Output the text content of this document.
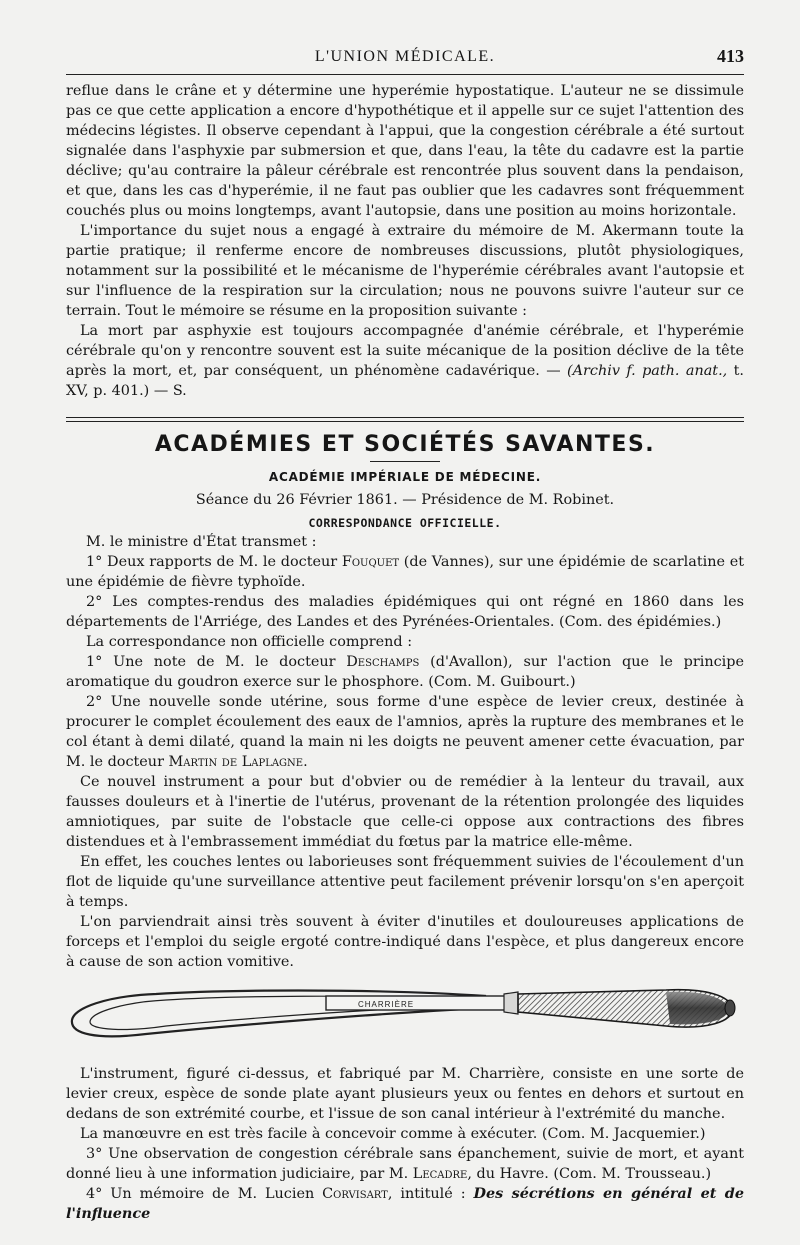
L'UNION MÉDICALE.	413

reflue dans le crâne et y détermine une hyperémie hypostatique. L'auteur ne se dissimule pas ce que cette application a encore d'hypothétique et il appelle sur ce sujet l'attention des médecins légistes. Il observe cependant à l'appui, que la congestion cérébrale a été surtout signalée dans l'asphyxie par submersion et que, dans l'eau, la tête du cadavre est la partie déclive; qu'au contraire la pâleur cérébrale est rencontrée plus souvent dans la pendaison, et que, dans les cas d'hyperémie, il ne faut pas oublier que les cadavres sont fréquemment couchés plus ou moins longtemps, avant l'autopsie, dans une position au moins horizontale.

L'importance du sujet nous a engagé à extraire du mémoire de M. Akermann toute la partie pratique; il renferme encore de nombreuses discussions, plutôt physiologiques, notamment sur la possibilité et le mécanisme de l'hyperémie cérébrales avant l'autopsie et sur l'influence de la respiration sur la circulation; nous ne pouvons suivre l'auteur sur ce terrain. Tout le mémoire se résume en la proposition suivante :

La mort par asphyxie est toujours accompagnée d'anémie cérébrale, et l'hyperémie cérébrale qu'on y rencontre souvent est la suite mécanique de la position déclive de la tête après la mort, et, par conséquent, un phénomène cadavérique. — (Archiv f. path. anat., t. XV, p. 401.) — S.

ACADÉMIES ET SOCIÉTÉS SAVANTES.
ACADÉMIE IMPÉRIALE DE MÉDECINE.
Séance du 26 Février 1861. — Présidence de M. Robinet.
CORRESPONDANCE OFFICIELLE.

M. le ministre d'État transmet :

1° Deux rapports de M. le docteur Fouquet (de Vannes), sur une épidémie de scarlatine et une épidémie de fièvre typhoïde.

2° Les comptes-rendus des maladies épidémiques qui ont régné en 1860 dans les départements de l'Arriége, des Landes et des Pyrénées-Orientales. (Com. des épidémies.)

La correspondance non officielle comprend :

1° Une note de M. le docteur Deschamps (d'Avallon), sur l'action que le principe aromatique du goudron exerce sur le phosphore. (Com. M. Guibourt.)

2° Une nouvelle sonde utérine, sous forme d'une espèce de levier creux, destinée à procurer le complet écoulement des eaux de l'amnios, après la rupture des membranes et le col étant à demi dilaté, quand la main ni les doigts ne peuvent amener cette évacuation, par M. le docteur Martin de Laplagne.

Ce nouvel instrument a pour but d'obvier ou de remédier à la lenteur du travail, aux fausses douleurs et à l'inertie de l'utérus, provenant de la rétention prolongée des liquides amniotiques, par suite de l'obstacle que celle-ci oppose aux contractions des fibres distendues et à l'embrassement immédiat du fœtus par la matrice elle-même.

En effet, les couches lentes ou laborieuses sont fréquemment suivies de l'écoulement d'un flot de liquide qu'une surveillance attentive peut facilement prévenir lorsqu'on s'en aperçoit à temps.

L'on parviendrait ainsi très souvent à éviter d'inutiles et douloureuses applications de forceps et l'emploi du seigle ergoté contre-indiqué dans l'espèce, et plus dangereux encore à cause de son action vomitive.

CHARRIÈRE

L'instrument, figuré ci-dessus, et fabriqué par M. Charrière, consiste en une sorte de levier creux, espèce de sonde plate ayant plusieurs yeux ou fentes en dehors et surtout en dedans de son extrémité courbe, et l'issue de son canal intérieur à l'extrémité du manche.

La manœuvre en est très facile à concevoir comme à exécuter. (Com. M. Jacquemier.)

3° Une observation de congestion cérébrale sans épanchement, suivie de mort, et ayant donné lieu à une information judiciaire, par M. Lecadre, du Havre. (Com. M. Trousseau.)

4° Un mémoire de M. Lucien Corvisart, intitulé : Des sécrétions en général et de l'influence
